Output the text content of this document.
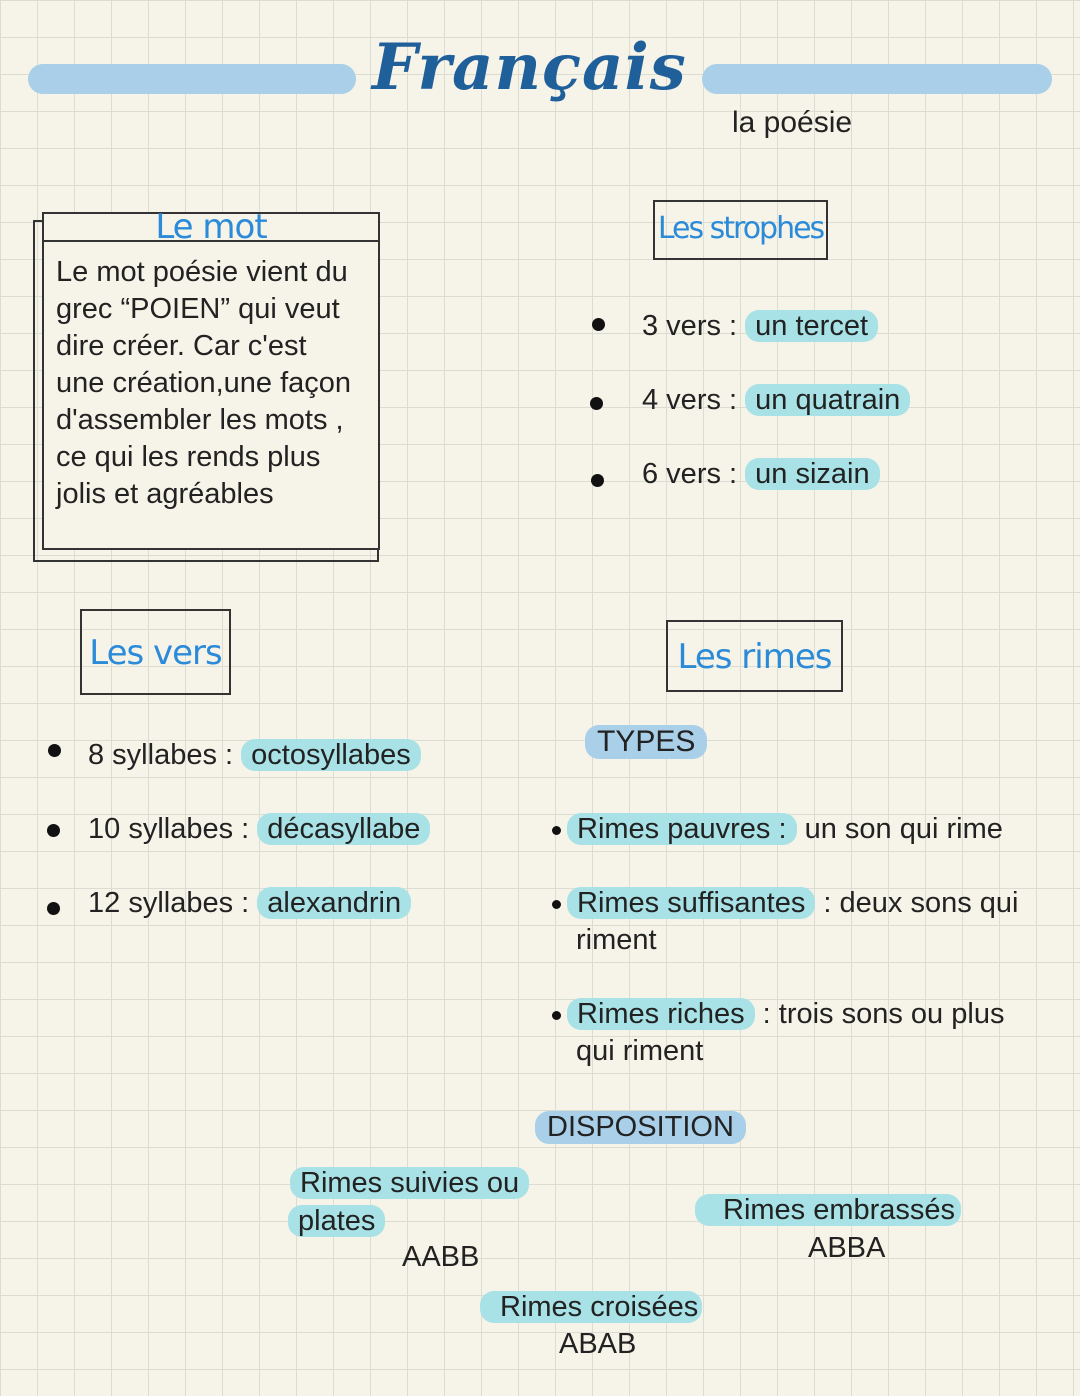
Français
la poésie
Le mot
Le mot poésie vient du
grec “POIEN” qui veut
dire créer. Car c'est
une création,une façon
d'assembler les mots ,
ce qui les rends plus
jolis et agréables
Les strophes
3 vers : un tercet
4 vers : un quatrain
6 vers : un sizain
Les vers
8 syllabes : octosyllabes
10 syllabes : décasyllabe
12 syllabes : alexandrin
Les rimes
TYPES
Rimes pauvres : un son qui rime
Rimes suffisantes : deux sons qui
riment
Rimes riches : trois sons ou plus
qui riment
DISPOSITION
Rimes suivies ou
plates
AABB
Rimes embrassés
ABBA
Rimes croisées
ABAB
